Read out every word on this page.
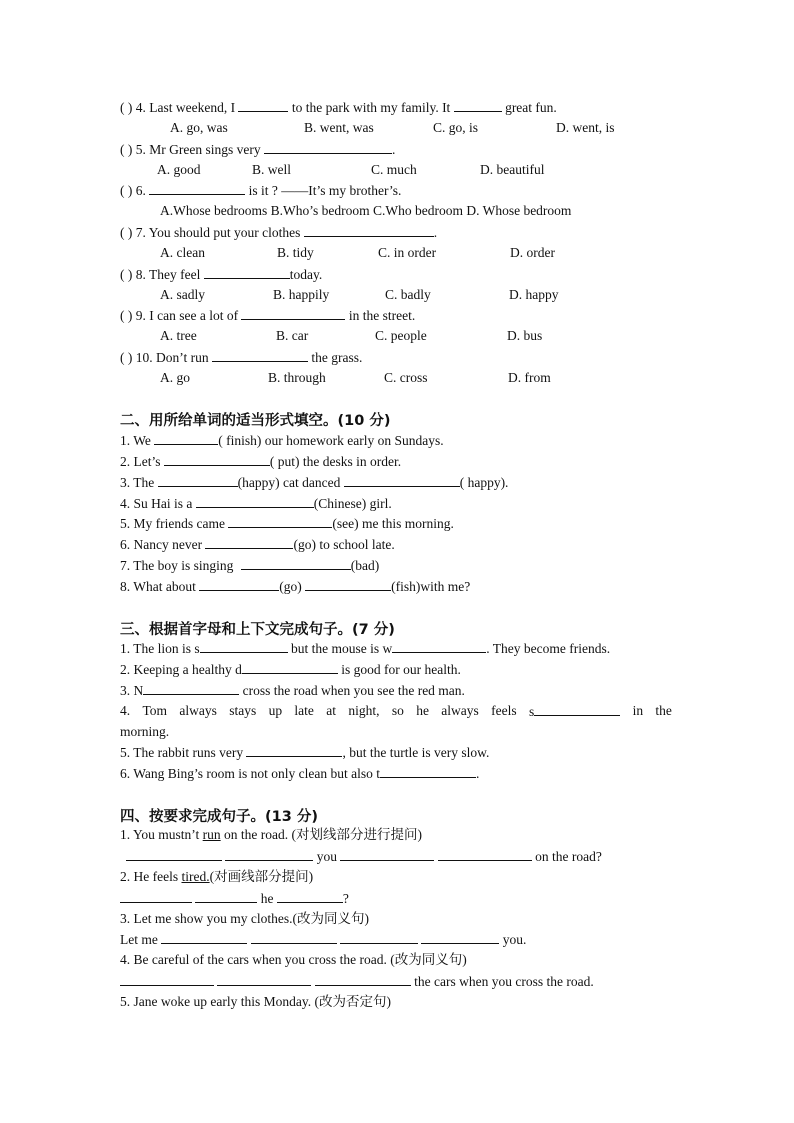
( ) 4. Last weekend, I	to the park with my family. It	great fun.
A. go, was	B. went, was	C. go, is	D. went, is
( ) 5. Mr Green sings very	.
A. good	B. well	C. much	D. beautiful
( ) 6.	is it ? ——It’s my brother’s.
A.Whose bedrooms B.Who’s bedroom C.Who bedroom D. Whose bedroom
( ) 7. You should put your clothes	.
A. clean	B. tidy	C. in order	D. order
( ) 8. They feel	today.
A. sadly	B. happily	C. badly	D. happy
( ) 9. I can see a lot of	in the street.
A. tree	B. car	C. people	D. bus
( ) 10. Don’t run	the grass.
A. go	B. through	C. cross	D. from
二、用所给单词的适当形式填空。(10 分)
1. We	( finish) our homework early on Sundays.
2. Let’s	( put) the desks in order.
3. The	(happy) cat danced	( happy).
4. Su Hai is a	(Chinese) girl.
5. My friends came	(see) me this morning.
6. Nancy never	(go) to school late.
7. The boy is singing	(bad)
8. What about	(go)	(fish)with me?
三、根据首字母和上下文完成句子。(7 分)
1. The lion is s	but the mouse is w	. They become friends.
2. Keeping a healthy d	is good for our health.
3. N	cross the road when you see the red man.
4. Tom always stays up late at night, so he always feels s	in the
morning.
5. The rabbit runs very	, but the turtle is very slow.
6. Wang Bing’s room is not only clean but also t	.
四、按要求完成句子。(13 分)
1. You mustn’t run on the road. (对划线部分进行提问)
you	on the road?
2. He feels tired.(对画线部分提问)
he	?
3. Let me show you my clothes.(改为同义句)
Let me	you.
4. Be careful of the cars when you cross the road. (改为同义句)
the cars when you cross the road.
5. Jane woke up early this Monday. (改为否定句)
